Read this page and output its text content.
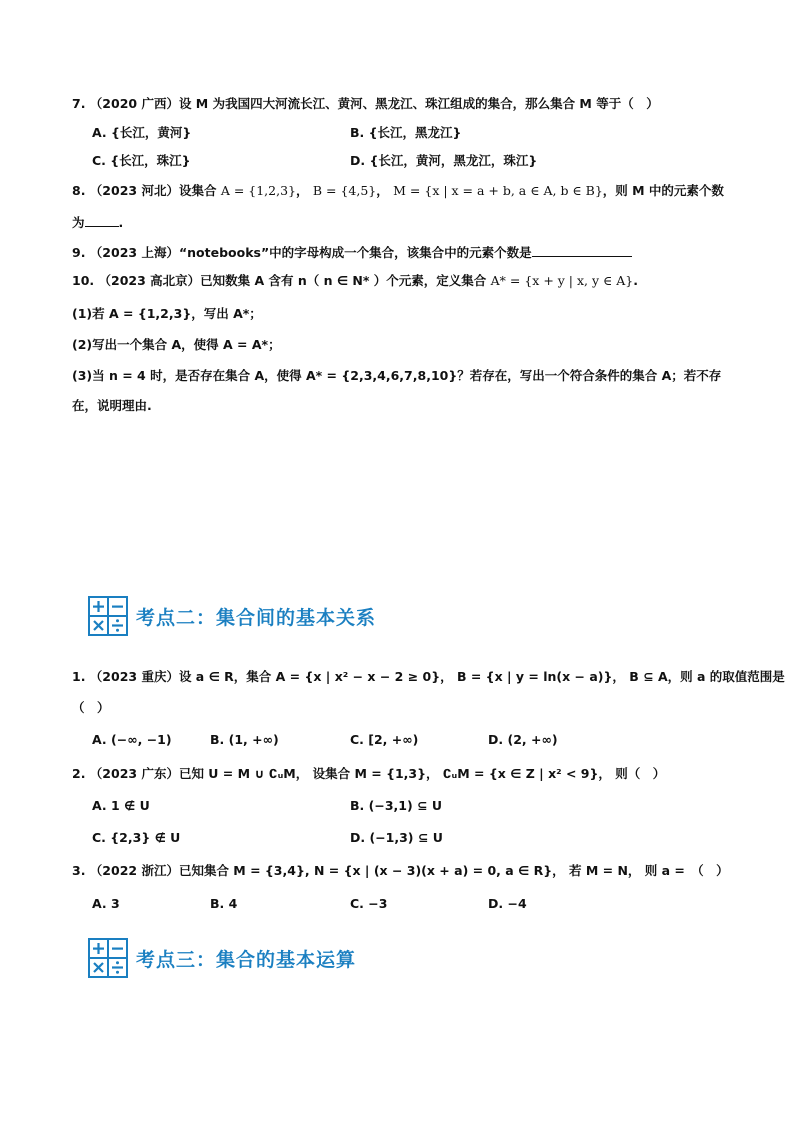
7. （2020 广西）设 M 为我国四大河流长江、黄河、黑龙江、珠江组成的集合，那么集合 M 等于（　）
A. {长江，黄河}	B. {长江，黑龙江}
C. {长江，珠江}	D. {长江，黄河，黑龙江，珠江}
8. （2023 河北）设集合 A = {1,2,3}， B = {4,5}， M = {x | x = a + b, a ∈ A, b ∈ B}，则 M 中的元素个数
为	.
9. （2023 上海）“notebooks”中的字母构成一个集合，该集合中的元素个数是
10. （2023 高北京）已知数集 A 含有 n（ n ∈ N* ）个元素，定义集合 A* = {x + y | x, y ∈ A}.
(1)若 A = {1,2,3}，写出 A*；
(2)写出一个集合 A，使得 A = A*；
(3)当 n = 4 时，是否存在集合 A，使得 A* = {2,3,4,6,7,8,10}？若存在，写出一个符合条件的集合 A；若不存
在，说明理由.
考点二：集合间的基本关系
1. （2023 重庆）设 a ∈ R，集合 A = {x | x² − x − 2 ≥ 0}， B = {x | y = ln(x − a)}， B ⊆ A，则 a 的取值范围是
（　）
A. (−∞, −1)	B. (1, +∞)	C. [2, +∞)	D. (2, +∞)
2. （2023 广东）已知 U = M ∪ ∁ᵤM， 设集合 M = {1,3}， ∁ᵤM = {x ∈ Z | x² < 9}， 则（　）
A. 1 ∉ U	B. (−3,1) ⊆ U
C. {2,3} ∉ U	D. (−1,3) ⊆ U
3. （2022 浙江）已知集合 M = {3,4}, N = {x | (x − 3)(x + a) = 0, a ∈ R}， 若 M = N， 则 a =　（　）
A. 3	B. 4	C. −3	D. −4
考点三：集合的基本运算
